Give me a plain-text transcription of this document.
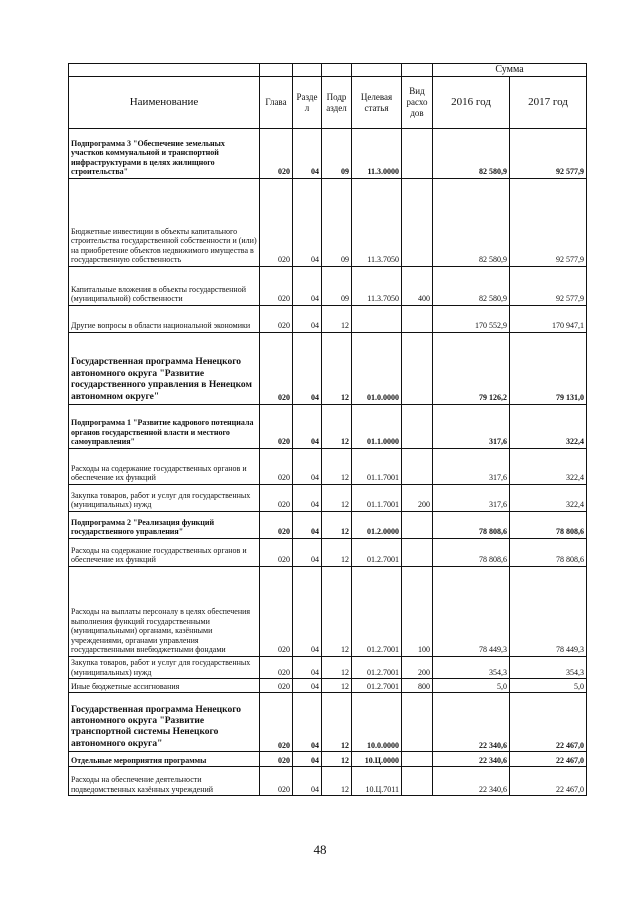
						Сумма	
Наименование	Глава	Разде л	Подр аздел	Целевая статья	Вид расхо дов	2016 год	2017 год
Подпрограмма 3 "Обеспечение земельных участков коммунальной и транспортной инфраструктурами в целях жилищного строительства"	020	04	09	11.3.0000		82 580,9	92 577,9
Бюджетные инвестиции в объекты капитального строительства государственной собственности и (или) на приобретение объектов недвижимого имущества в государственную собственность	020	04	09	11.3.7050		82 580,9	92 577,9
Капитальные вложения в объекты государственной (муниципальной) собственности	020	04	09	11.3.7050	400	82 580,9	92 577,9
Другие вопросы в области национальной экономики	020	04	12			170 552,9	170 947,1
Государственная программа Ненецкого автономного округа "Развитие государственного управления в Ненецком автономном округе"	020	04	12	01.0.0000		79 126,2	79 131,0
Подпрограмма 1 "Развитие кадрового потенциала органов государственной власти и местного самоуправления"	020	04	12	01.1.0000		317,6	322,4
Расходы на содержание государственных органов и обеспечение их функций	020	04	12	01.1.7001		317,6	322,4
Закупка товаров, работ и услуг для государственных (муниципальных) нужд	020	04	12	01.1.7001	200	317,6	322,4
Подпрограмма 2 "Реализация функций государственного управления"	020	04	12	01.2.0000		78 808,6	78 808,6
Расходы на содержание государственных органов и обеспечение их функций	020	04	12	01.2.7001		78 808,6	78 808,6
Расходы на выплаты персоналу в целях обеспечения выполнения функций государственными (муниципальными) органами, казёнными учреждениями, органами управления государственными внебюджетными фондами	020	04	12	01.2.7001	100	78 449,3	78 449,3
Закупка товаров, работ и услуг для государственных (муниципальных) нужд	020	04	12	01.2.7001	200	354,3	354,3
Иные бюджетные ассигнования	020	04	12	01.2.7001	800	5,0	5,0
Государственная программа Ненецкого автономного округа "Развитие транспортной системы Ненецкого автономного округа"	020	04	12	10.0.0000		22 340,6	22 467,0
Отдельные мероприятия программы	020	04	12	10.Ц.0000		22 340,6	22 467,0
Расходы на обеспечение деятельности подведомственных казённых учреждений	020	04	12	10.Ц.7011		22 340,6	22 467,0
48
